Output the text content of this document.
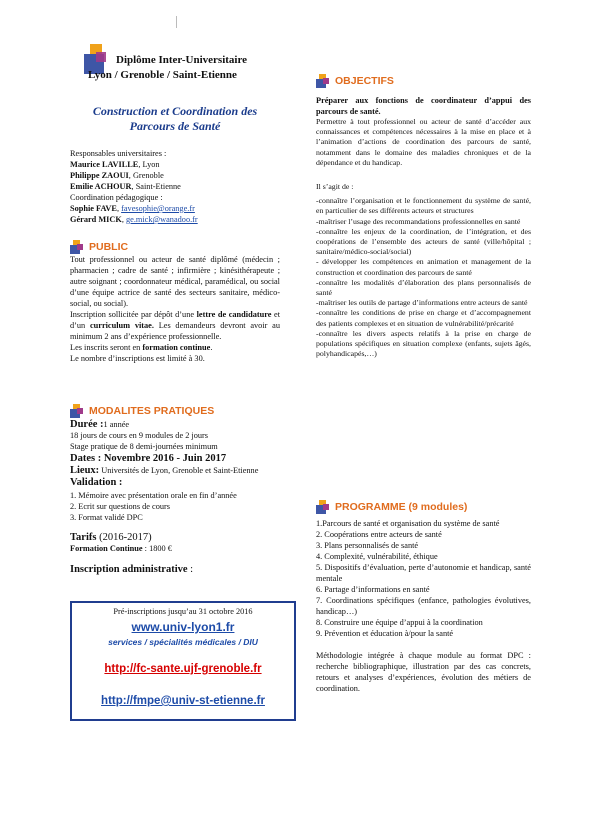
Diplôme Inter-Universitaire
Lyon / Grenoble / Saint-Etienne
Construction et Coordination des
Parcours de Santé
Responsables universitaires :
Maurice LAVILLE, Lyon
Philippe ZAOUI, Grenoble
Emilie ACHOUR, Saint-Etienne
Coordination pédagogique :
Sophie FAVE, favesophie@orange.fr
Gérard MICK, ge.mick@wanadoo.fr
PUBLIC

Tout professionnel ou acteur de santé diplômé (médecin ; pharmacien ; cadre de santé ; infirmière ; kinésithérapeute ; autre soignant ; coordonnateur médical, paramédical, ou social d’une équipe actrice de santé des secteurs sanitaire, médico-social, ou social).

Inscription sollicitée par dépôt d’une lettre de candidature et d’un curriculum vitae. Les demandeurs devront avoir au minimum 2 ans d’expérience professionnelle.

Les inscrits seront en formation continue.

Le nombre d’inscriptions est limité à 30.

MODALITES PRATIQUES
Durée :1 année
18 jours de cours en 9 modules de 2 jours
Stage pratique de 8 demi-journées minimum
Dates : Novembre 2016 - Juin 2017
Lieux: Universités de Lyon, Grenoble et Saint-Etienne
Validation :
1. Mémoire avec présentation orale en fin d’année
2. Ecrit sur questions de cours
3. Format validé DPC
Tarifs (2016-2017)
Formation Continue : 1800 €
Inscription administrative :
Pré-inscriptions jusqu’au 31 octobre 2016
www.univ-lyon1.fr
services / spécialités médicales / DIU
http://fc-sante.ujf-grenoble.fr
http://fmpe@univ-st-etienne.fr
OBJECTIFS

Préparer aux fonctions de coordinateur d’appui des parcours de santé.

Permettre à tout professionnel ou acteur de santé d’accéder aux connaissances et compétences nécessaires à la mise en place et à l’animation d’actions de coordination des parcours de santé, notamment dans le domaine des maladies chroniques et de la dépendance et du handicap.

Il s’agit de :

-connaître l’organisation et le fonctionnement du système de santé, en particulier de ses différents acteurs et structures

-maîtriser l’usage des recommandations professionnelles en santé

-connaître les enjeux de la coordination, de l’intégration, et des coopérations de l’ensemble des acteurs de santé (ville/hôpital ; sanitaire/médico-social/social)

- développer les compétences en animation et management de la construction et coordination des parcours de santé

-connaître les modalités d’élaboration des plans personnalisés de santé

-maîtriser les outils de partage d’informations entre acteurs de santé

-connaître les conditions de prise en charge et d’accompagnement des patients complexes et en situation de vulnérabilité/précarité

-connaître les divers aspects relatifs à la prise en charge de populations spécifiques en situation complexe (enfants, sujets âgés, polyhandicapés,…)

PROGRAMME (9 modules)

1.Parcours de santé et organisation du système de santé

2. Coopérations entre acteurs de santé

3. Plans personnalisés de santé

4. Complexité, vulnérabilité, éthique

5. Dispositifs d’évaluation, perte d’autonomie et handicap, santé mentale

6. Partage d’informations en santé

7. Coordinations spécifiques (enfance, pathologies évolutives, handicap…)

8. Construire une équipe d’appui à la coordination

9. Prévention et éducation à/pour la santé

Méthodologie intégrée à chaque module au format DPC : recherche bibliographique, illustration par des cas concrets, retours et analyses d’expériences, évolution des métiers de coordination.
